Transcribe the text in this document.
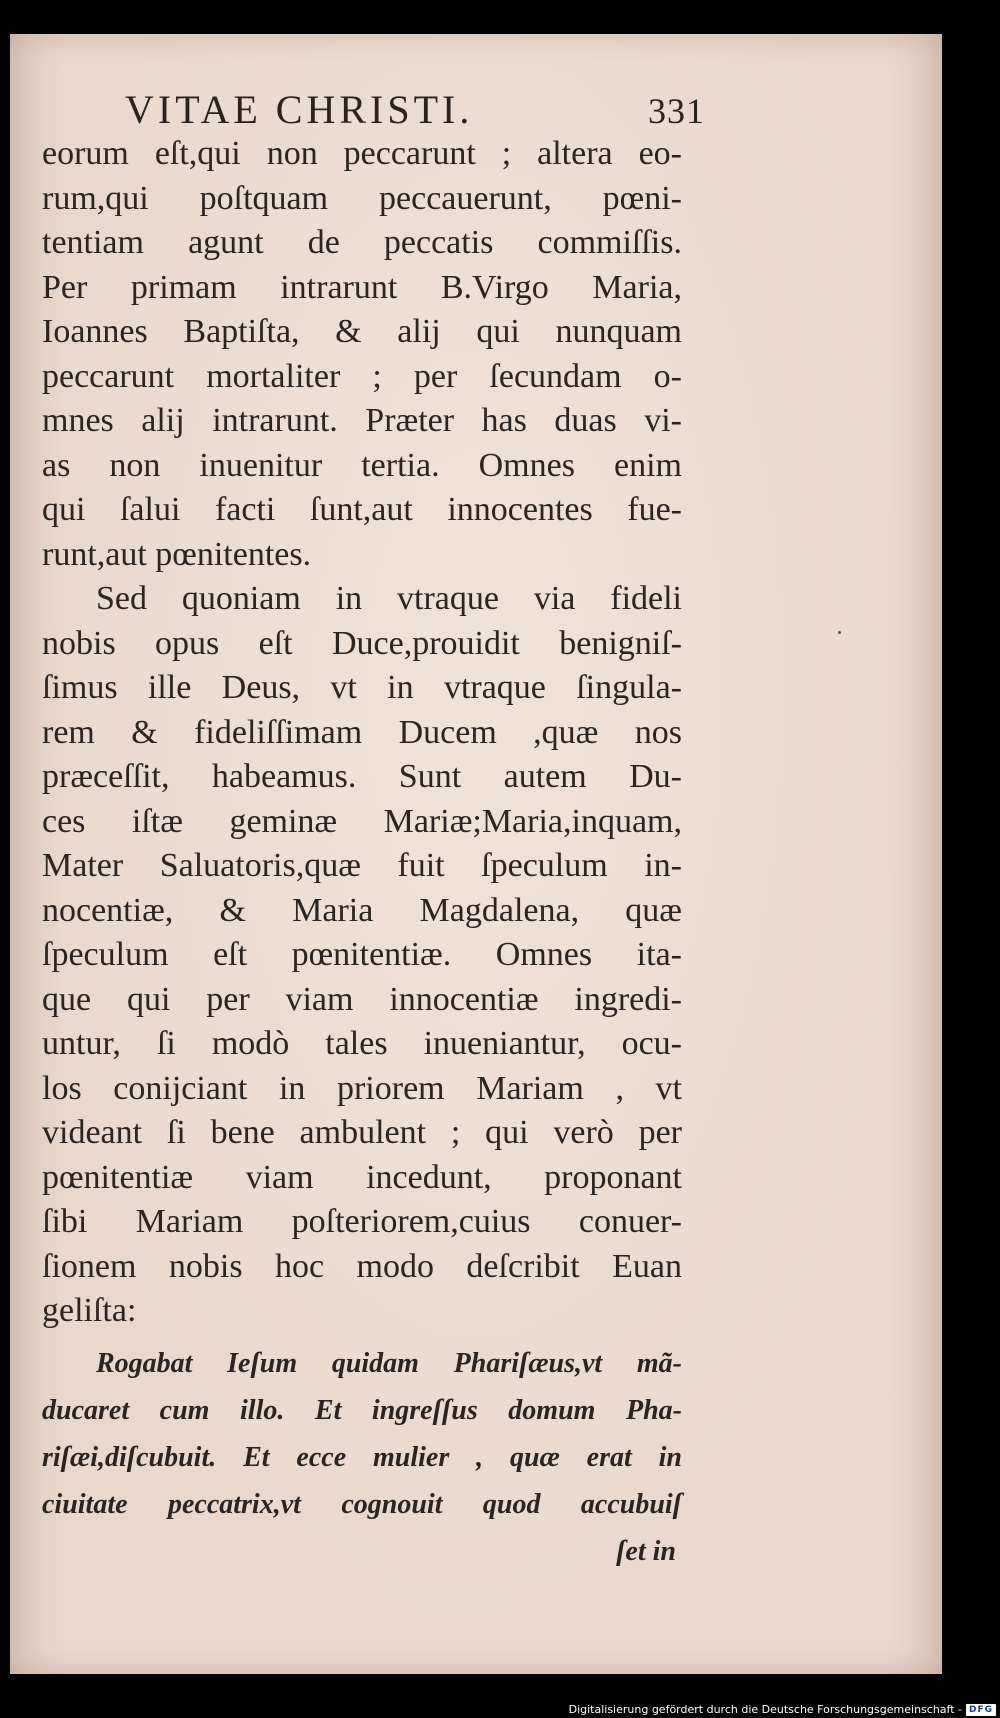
VITAE CHRISTI.	331
eorum eſt,qui non peccarunt ; altera eo-
rum,qui poſtquam peccauerunt, pœni-
tentiam agunt de peccatis commiſſis.
Per primam intrarunt B.Virgo Maria,
Ioannes Baptiſta, & alij qui nunquam
peccarunt mortaliter ; per ſecundam o-
mnes alij intrarunt. Præter has duas vi-
as non inuenitur tertia. Omnes enim
qui ſalui facti ſunt,aut innocentes fue-
runt,aut pœnitentes.
Sed quoniam in vtraque via fideli
nobis opus eſt Duce,prouidit benigniſ-
ſimus ille Deus, vt in vtraque ſingula-
rem & fideliſſimam Ducem ,quæ nos
præceſſit, habeamus. Sunt autem Du-
ces iſtæ geminæ Mariæ;Maria,inquam,
Mater Saluatoris,quæ fuit ſpeculum in-
nocentiæ, & Maria Magdalena, quæ
ſpeculum eſt pœnitentiæ. Omnes ita-
que qui per viam innocentiæ ingredi-
untur, ſi modò tales inueniantur, ocu-
los conijciant in priorem Mariam , vt
videant ſi bene ambulent ; qui verò per
pœnitentiæ viam incedunt, proponant
ſibi Mariam poſteriorem,cuius conuer-
ſionem nobis hoc modo deſcribit Euan
geliſta:
Rogabat Ieſum quidam Phariſæus,vt mã-
ducaret cum illo. Et ingreſſus domum Pha-
riſæi,diſcubuit. Et ecce mulier , quæ erat in
ciuitate peccatrix,vt cognouit quod accubuiſ
ſet in
Digitalisierung gefördert durch die Deutsche Forschungsgemeinschaft - DFG
